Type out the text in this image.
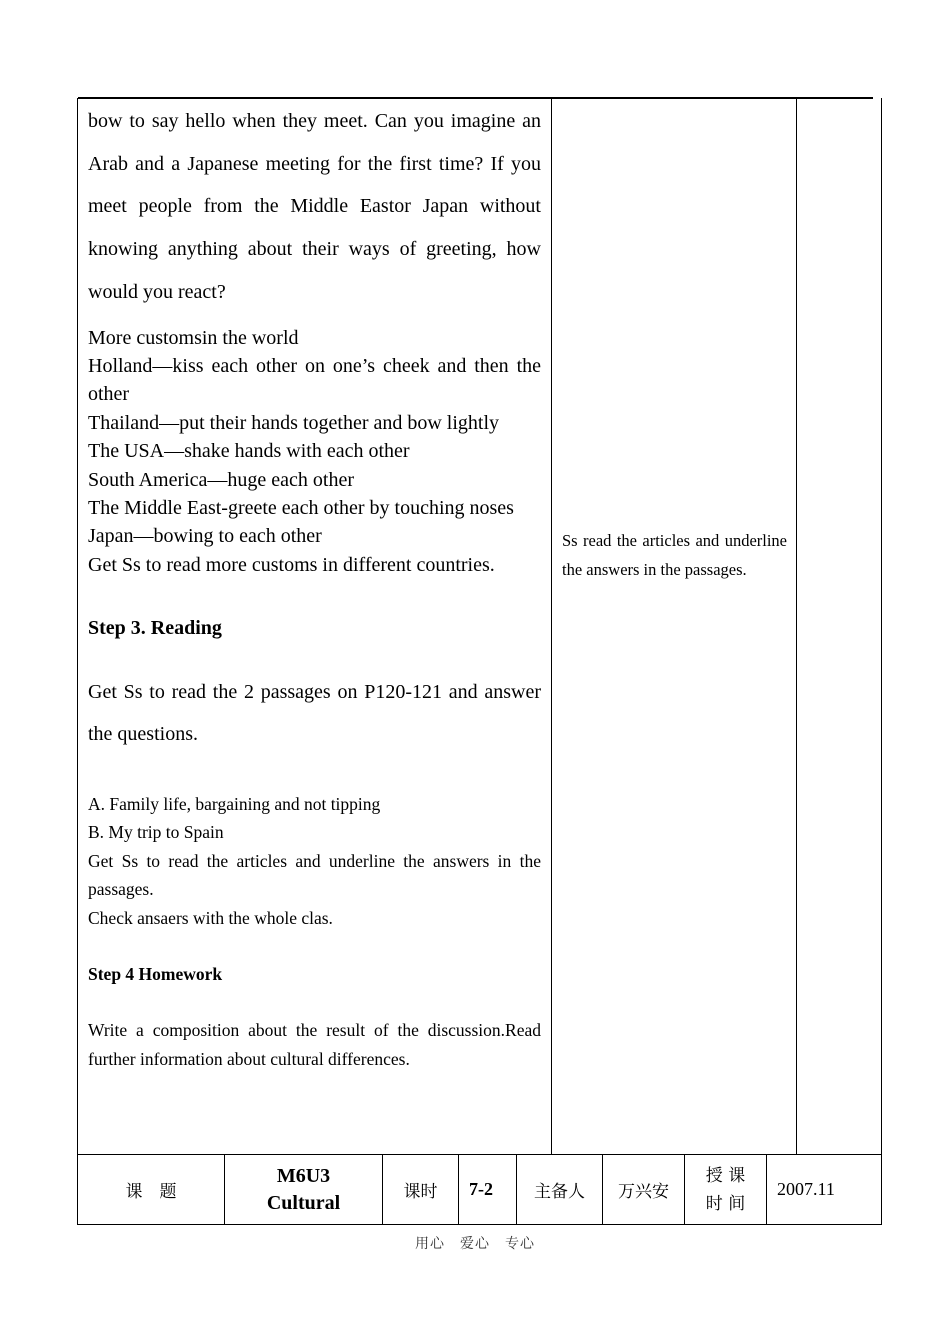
bow to say hello when they meet. Can you imagine an Arab and a Japanese meeting for the first time? If you meet people from the Middle Eastor Japan without knowing anything about their ways of greeting, how would you react?

More customsin the world

Holland—kiss each other on one’s cheek and then the other

Thailand—put their hands together and bow lightly

The USA—shake hands with each other

South America—huge each other

The Middle East-greete each other by touching noses

Japan—bowing to each other

Get Ss to read more customs in different countries.

Step 3. Reading

Get Ss to read the 2 passages on P120-121 and answer the questions.

A. Family life, bargaining and not tipping

B. My trip to Spain

Get Ss to read the articles and underline the answers in the passages.

Check ansaers with the whole clas.

Step 4 Homework

Write a composition about the result of the discussion.Read further information about cultural differences.

Ss read the articles and underline the answers in the passages.

课　题
M6U3
Cultural	课时 7-2 主备人 万兴安
授 课
时 间
2007.11
用心　爱心　专心
